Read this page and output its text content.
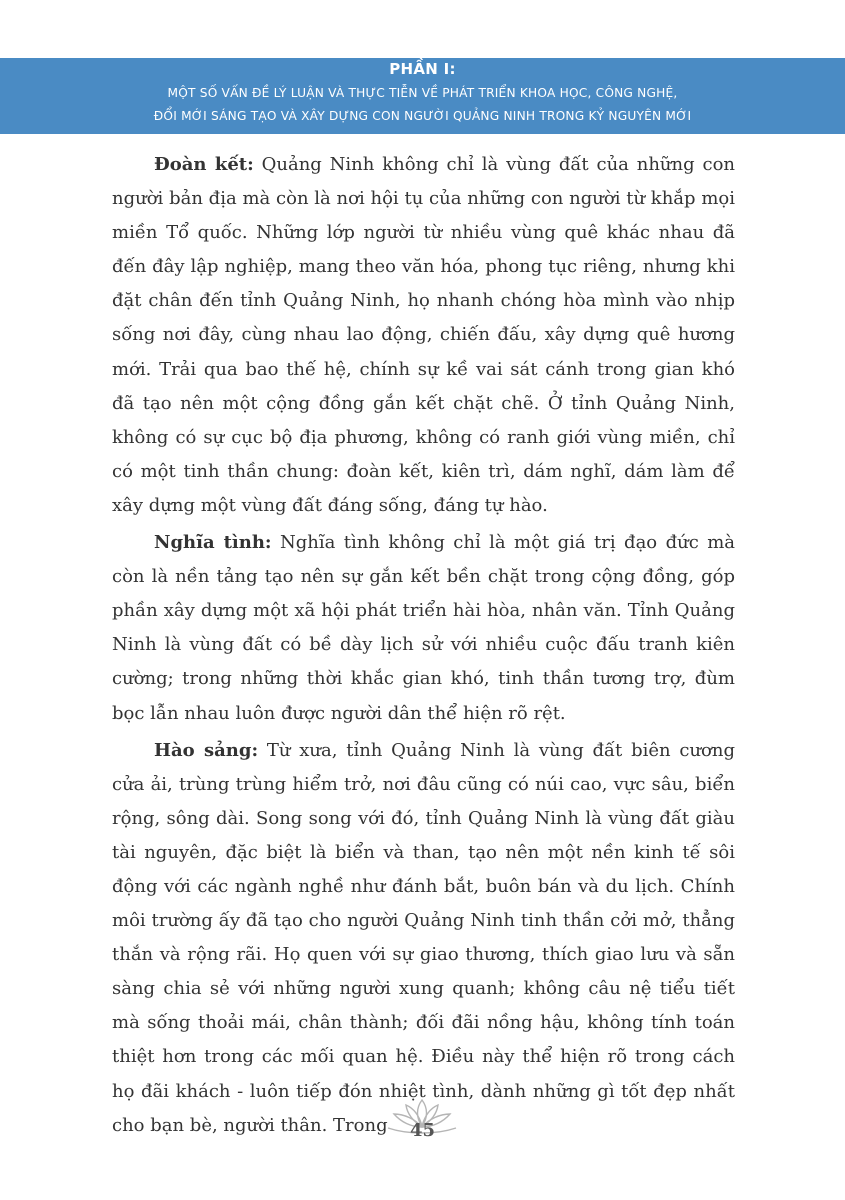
PHẦN I:
MỘT SỐ VẤN ĐỀ LÝ LUẬN VÀ THỰC TIỄN VỀ PHÁT TRIỂN KHOA HỌC, CÔNG NGHỆ,
ĐỔI MỚI SÁNG TẠO VÀ XÂY DỰNG CON NGƯỜI QUẢNG NINH TRONG KỶ NGUYÊN MỚI

Đoàn kết: Quảng Ninh không chỉ là vùng đất của những con người bản địa mà còn là nơi hội tụ của những con người từ khắp mọi miền Tổ quốc. Những lớp người từ nhiều vùng quê khác nhau đã đến đây lập nghiệp, mang theo văn hóa, phong tục riêng, nhưng khi đặt chân đến tỉnh Quảng Ninh, họ nhanh chóng hòa mình vào nhịp sống nơi đây, cùng nhau lao động, chiến đấu, xây dựng quê hương mới. Trải qua bao thế hệ, chính sự kề vai sát cánh trong gian khó đã tạo nên một cộng đồng gắn kết chặt chẽ. Ở tỉnh Quảng Ninh, không có sự cục bộ địa phương, không có ranh giới vùng miền, chỉ có một tinh thần chung: đoàn kết, kiên trì, dám nghĩ, dám làm để xây dựng một vùng đất đáng sống, đáng tự hào.

Nghĩa tình: Nghĩa tình không chỉ là một giá trị đạo đức mà còn là nền tảng tạo nên sự gắn kết bền chặt trong cộng đồng, góp phần xây dựng một xã hội phát triển hài hòa, nhân văn. Tỉnh Quảng Ninh là vùng đất có bề dày lịch sử với nhiều cuộc đấu tranh kiên cường; trong những thời khắc gian khó, tinh thần tương trợ, đùm bọc lẫn nhau luôn được người dân thể hiện rõ rệt.

Hào sảng: Từ xưa, tỉnh Quảng Ninh là vùng đất biên cương cửa ải, trùng trùng hiểm trở, nơi đâu cũng có núi cao, vực sâu, biển rộng, sông dài. Song song với đó, tỉnh Quảng Ninh là vùng đất giàu tài nguyên, đặc biệt là biển và than, tạo nên một nền kinh tế sôi động với các ngành nghề như đánh bắt, buôn bán và du lịch. Chính môi trường ấy đã tạo cho người Quảng Ninh tinh thần cởi mở, thẳng thắn và rộng rãi. Họ quen với sự giao thương, thích giao lưu và sẵn sàng chia sẻ với những người xung quanh; không câu nệ tiểu tiết mà sống thoải mái, chân thành; đối đãi nồng hậu, không tính toán thiệt hơn trong các mối quan hệ. Điều này thể hiện rõ trong cách họ đãi khách - luôn tiếp đón nhiệt tình, dành những gì tốt đẹp nhất cho bạn bè, người thân. Trong	45
